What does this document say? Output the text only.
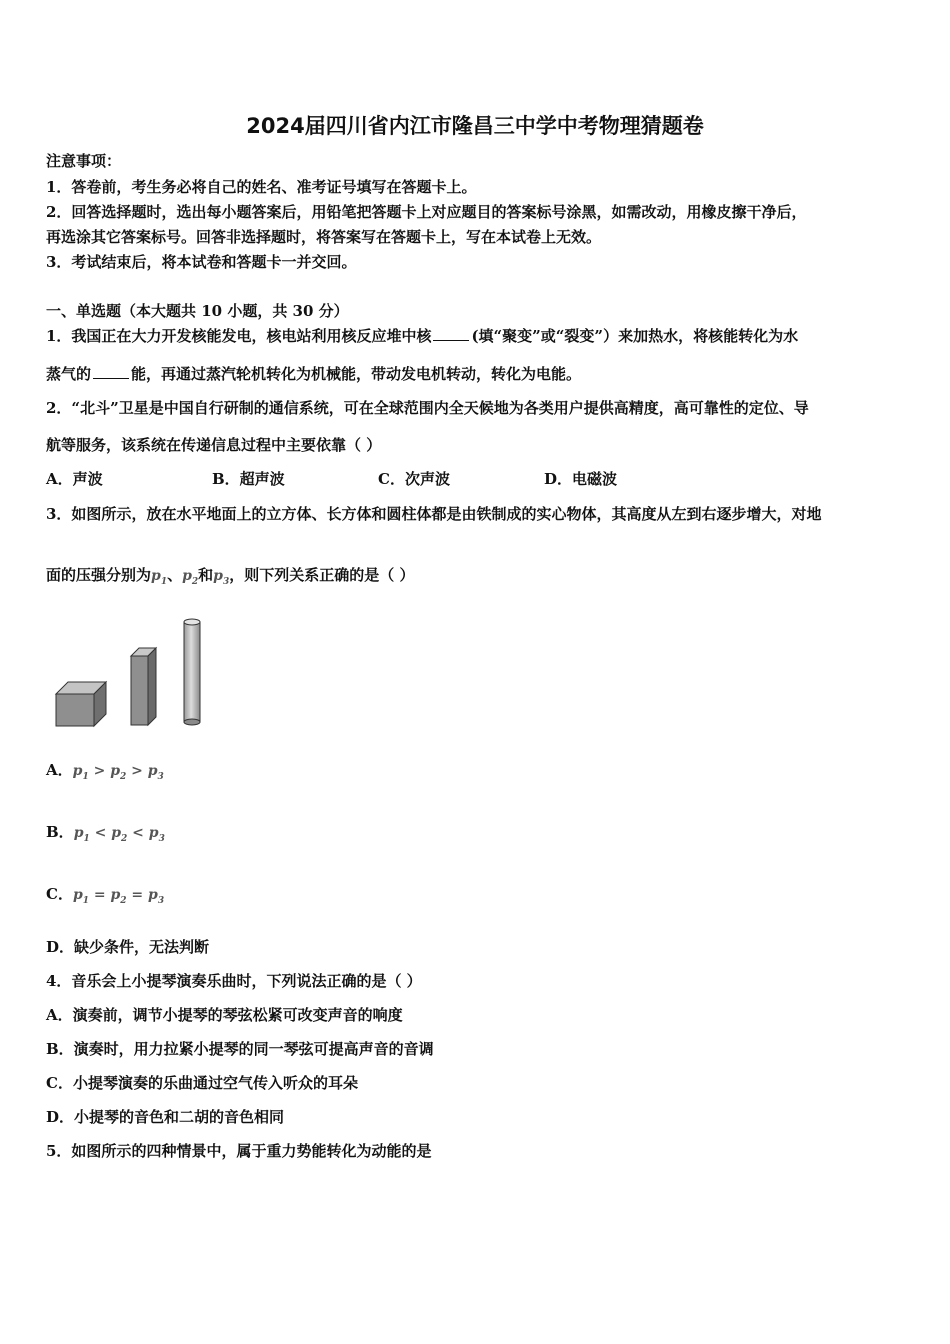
2024届四川省内江市隆昌三中学中考物理猜题卷
注意事项：
1．答卷前，考生务必将自己的姓名、准考证号填写在答题卡上。
2．回答选择题时，选出每小题答案后，用铅笔把答题卡上对应题目的答案标号涂黑，如需改动，用橡皮擦干净后，
再选涂其它答案标号。回答非选择题时，将答案写在答题卡上，写在本试卷上无效。
3．考试结束后，将本试卷和答题卡一并交回。
一、单选题（本大题共 10 小题，共 30 分）
1．我国正在大力开发核能发电，核电站利用核反应堆中核	(填“聚变”或“裂变”）来加热水，将核能转化为水
蒸气的	能，再通过蒸汽轮机转化为机械能，带动发电机转动，转化为电能。
2．“北斗”卫星是中国自行研制的通信系统，可在全球范围内全天候地为各类用户提供高精度，高可靠性的定位、导
航等服务，该系统在传递信息过程中主要依靠（ ）
A．声波	B．超声波	C．次声波	D．电磁波
3．如图所示，放在水平地面上的立方体、长方体和圆柱体都是由铁制成的实心物体，其高度从左到右逐步增大，对地
面的压强分别为$p_1$、$p_2$和$p_3$，则下列关系正确的是（ ）
A．$p_1 > p_2 > p_3$
B．$p_1 < p_2 < p_3$
C．$p_1 = p_2 = p_3$
D．缺少条件，无法判断
4．音乐会上小提琴演奏乐曲时，下列说法正确的是（ ）
A．演奏前，调节小提琴的琴弦松紧可改变声音的响度
B．演奏时，用力拉紧小提琴的同一琴弦可提高声音的音调
C．小提琴演奏的乐曲通过空气传入听众的耳朵
D．小提琴的音色和二胡的音色相同
5．如图所示的四种情景中，属于重力势能转化为动能的是
